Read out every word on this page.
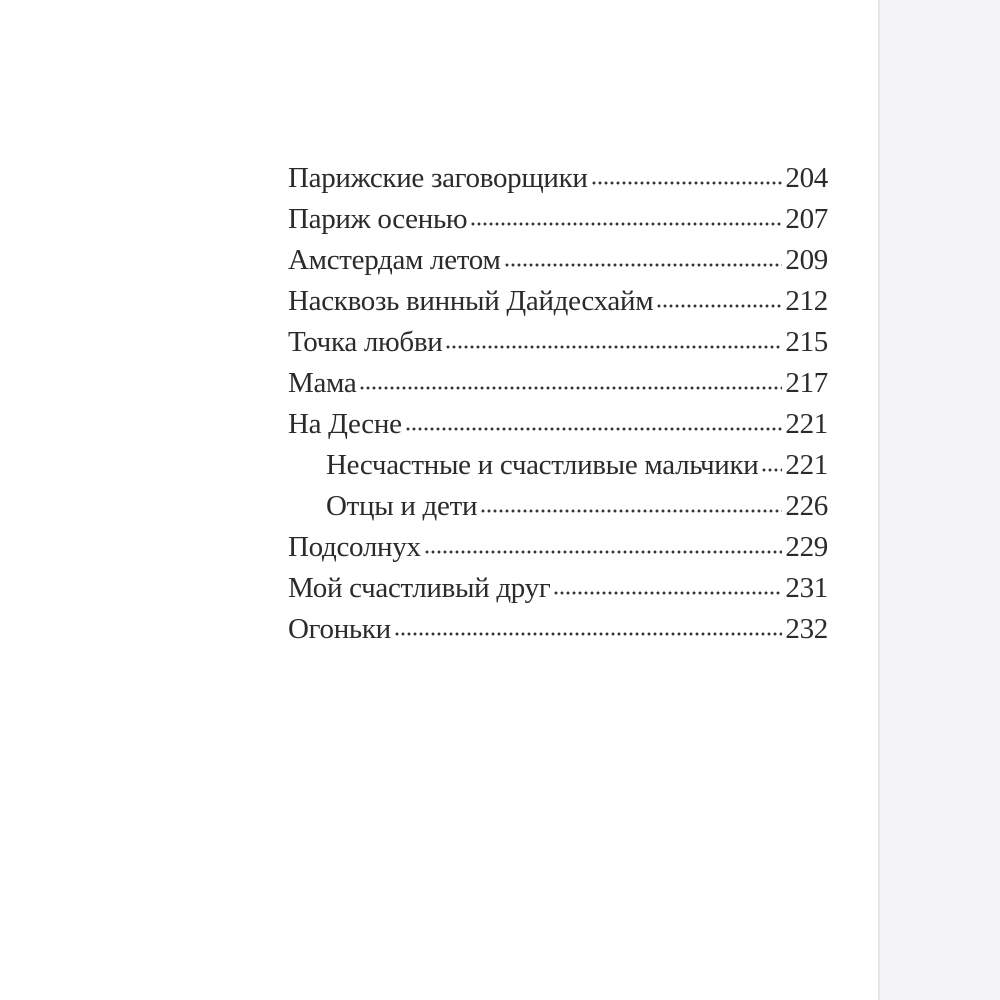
Парижские заговорщики	204
Париж осенью	207
Амстердам летом	209
Насквозь винный Дайдесхайм	212
Точка любви	215
Мама	217
На Десне	221
Несчастные и счастливые мальчики 221
Отцы и дети	226
Подсолнух	229
Мой счастливый друг	231
Огоньки	232
